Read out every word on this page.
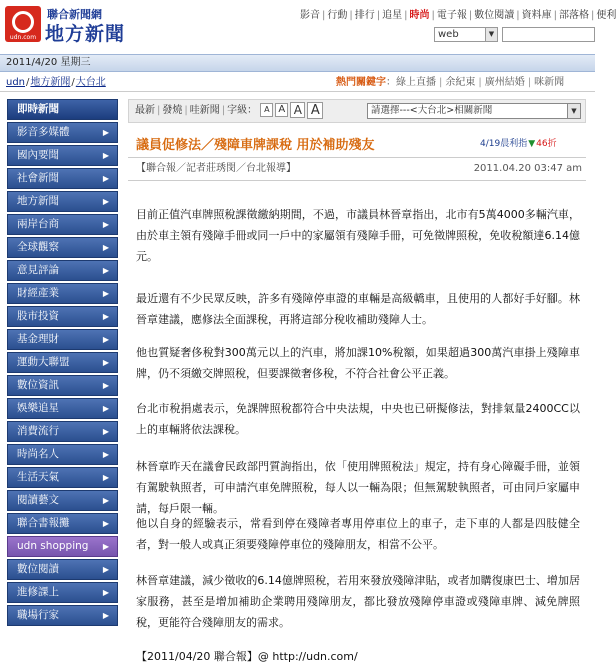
udn.com
聯合新聞網
地方新聞
影音 | 行動 | 排行 | 追星 | 時尚 | 電子報 | 數位閱讀 | 資料庫 | 部落格 | 便利
web	▼
2011/4/20 星期三
udn/地方新聞/大台北	熱門關鍵字：綠上直播 | 余紀東 | 廣州結婚 | 咪新聞
即時新聞
影音多媒體	▶
國內要聞	▶
社會新聞	▶
地方新聞	▶
兩岸台商	▶
全球觀察	▶
意見評論	▶
財經產業	▶
股市投資	▶
基金理財	▶
運動大聯盟	▶
數位資訊	▶
娛樂追星	▶
消費流行	▶
時尚名人	▶
生活天氣	▶
閱讀藝文	▶
聯合書報攤	▶
udn shopping ▶
數位閱讀	▶
進修課上	▶
職場行家	▶
最新 | 發燒 | 哇新聞 | 字級： A A A A	請選擇---<大台北>相關新聞	▼
議員促修法／殘障車牌課稅 用於補助殘友	4/19晨利指▼46折
【聯合報／記者莊琇閔／台北報導】	2011.04.20 03:47 am
目前正值汽車牌照稅課徵繳納期間，不過，市議員林晉章指出，北市有5萬4000多輛汽車，由於車主領有殘障手冊或同一戶中的家屬領有殘障手冊，可免徵牌照稅，免收稅額達6.14億元。
最近還有不少民眾反映，許多有殘障停車證的車輛是高級轎車，且使用的人都好手好腳。林晉章建議，應修法全面課稅，再將這部分稅收補助殘障人士。
他也質疑奢侈稅對300萬元以上的汽車，將加課10%稅額，如果超過300萬汽車掛上殘障車牌，仍不須繳交牌照稅，但要課徵奢侈稅，不符合社會公平正義。
台北市稅捐處表示，免課牌照稅都符合中央法規，中央也已研擬修法，對排氣量2400CC以上的車輛將依法課稅。
林晉章昨天在議會民政部門質詢指出，依「使用牌照稅法」規定，持有身心障礙手冊，並領有駕駛執照者，可申請汽車免牌照稅，每人以一輛為限；但無駕駛執照者，可由同戶家屬申請，每戶限一輛。
他以自身的經驗表示，常看到停在殘障者專用停車位上的車子，走下車的人都是四肢健全者，對一般人或真正須要殘障停車位的殘障朋友，相當不公平。
林晉章建議，減少徵收的6.14億牌照稅，若用來發放殘障津貼，或者加購復康巴士、增加居家服務，甚至是增加補助企業聘用殘障朋友，都比發放殘障停車證或殘障車牌、減免牌照稅，更能符合殘障朋友的需求。
【2011/04/20 聯合報】@ http://udn.com/
